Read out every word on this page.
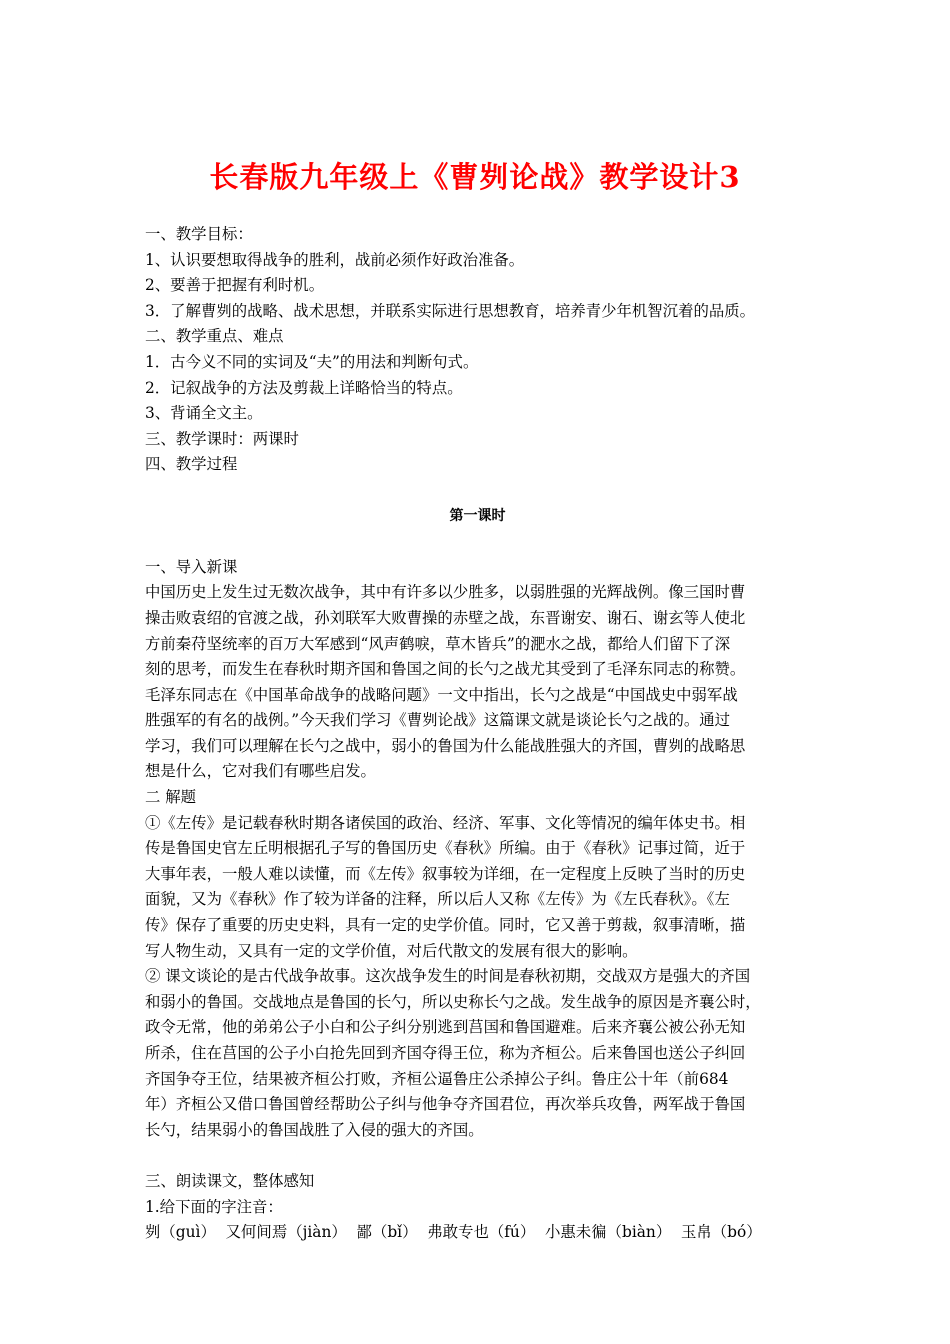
长春版九年级上《曹刿论战》教学设计3

一、教学目标：

1、认识要想取得战争的胜利，战前必须作好政治准备。

2、要善于把握有利时机。

3．了解曹刿的战略、战术思想，并联系实际进行思想教育，培养青少年机智沉着的品质。

二、教学重点、难点

1．古今义不同的实词及“夫”的用法和判断句式。

2．记叙战争的方法及剪裁上详略恰当的特点。

3、背诵全文主。

三、教学课时：两课时

四、教学过程

第一课时

一、导入新课

中国历史上发生过无数次战争，其中有许多以少胜多，以弱胜强的光辉战例。像三国时曹

操击败袁绍的官渡之战，孙刘联军大败曹操的赤壁之战，东晋谢安、谢石、谢玄等人使北

方前秦苻坚统率的百万大军感到“风声鹤唳，草木皆兵”的淝水之战，都给人们留下了深

刻的思考，而发生在春秋时期齐国和鲁国之间的长勺之战尤其受到了毛泽东同志的称赞。

毛泽东同志在《中国革命战争的战略问题》一文中指出，长勺之战是“中国战史中弱军战

胜强军的有名的战例。”今天我们学习《曹刿论战》这篇课文就是谈论长勺之战的。通过

学习，我们可以理解在长勺之战中，弱小的鲁国为什么能战胜强大的齐国，曹刿的战略思

想是什么，它对我们有哪些启发。

二 解题

①《左传》是记载春秋时期各诸侯国的政治、经济、军事、文化等情况的编年体史书。相

传是鲁国史官左丘明根据孔子写的鲁国历史《春秋》所编。由于《春秋》记事过简，近于

大事年表，一般人难以读懂，而《左传》叙事较为详细，在一定程度上反映了当时的历史

面貌，又为《春秋》作了较为详备的注释，所以后人又称《左传》为《左氏春秋》。《左

传》保存了重要的历史史料，具有一定的史学价值。同时，它又善于剪裁，叙事清晰，描

写人物生动，又具有一定的文学价值，对后代散文的发展有很大的影响。

② 课文谈论的是古代战争故事。这次战争发生的时间是春秋初期，交战双方是强大的齐国

和弱小的鲁国。交战地点是鲁国的长勺，所以史称长勺之战。发生战争的原因是齐襄公时，

政令无常，他的弟弟公子小白和公子纠分别逃到莒国和鲁国避难。后来齐襄公被公孙无知

所杀，住在莒国的公子小白抢先回到齐国夺得王位，称为齐桓公。后来鲁国也送公子纠回

齐国争夺王位，结果被齐桓公打败，齐桓公逼鲁庄公杀掉公子纠。鲁庄公十年（前684

年）齐桓公又借口鲁国曾经帮助公子纠与他争夺齐国君位，再次举兵攻鲁，两军战于鲁国

长勺，结果弱小的鲁国战胜了入侵的强大的齐国。

三、朗读课文，整体感知

1.给下面的字注音：

刿（guì）  又何间焉（jiàn）  鄙（bǐ）  弗敢专也（fú）  小惠未徧（biàn）  玉帛（bó）
